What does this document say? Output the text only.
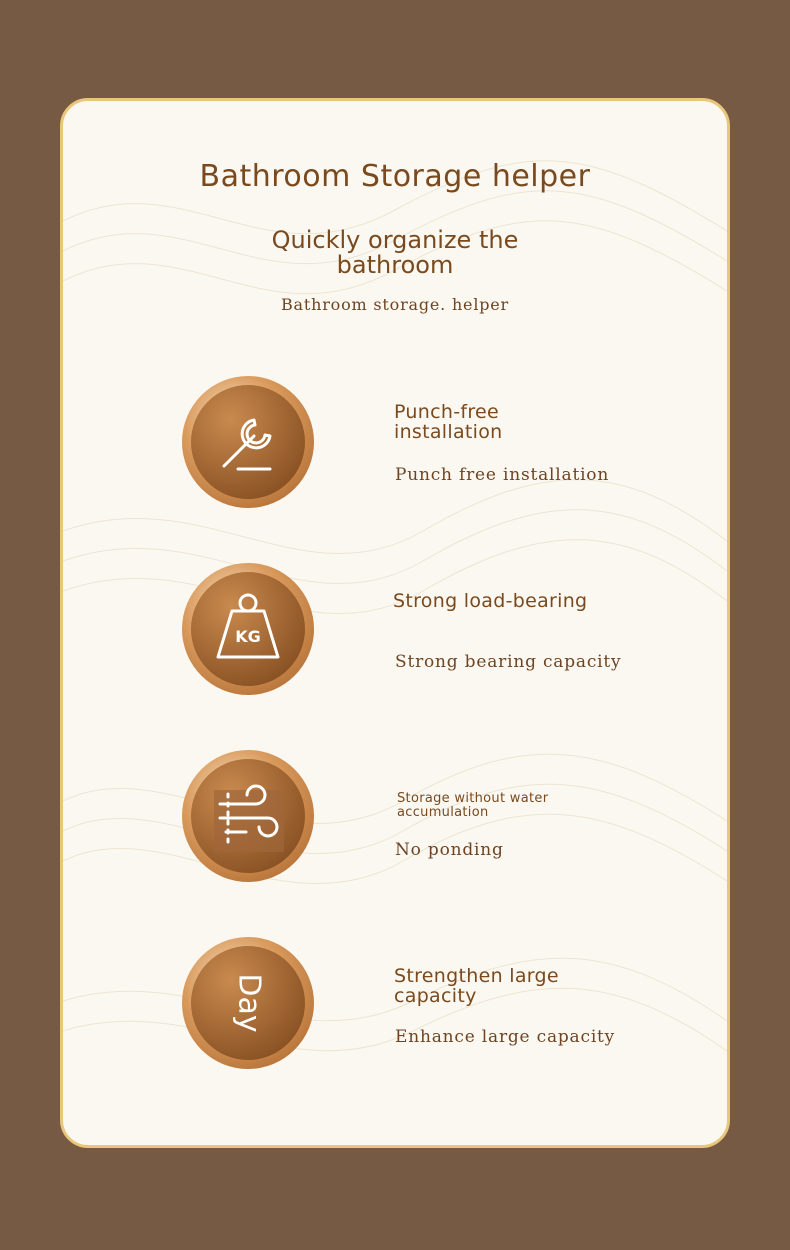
Bathroom Storage helper
Quickly organize the bathroom
Bathroom storage. helper
Punch-free installation
Punch free installation
KG
Strong load-bearing
Strong bearing capacity
Storage without water accumulation
No ponding
Day	Strengthen large capacity
Enhance large capacity
